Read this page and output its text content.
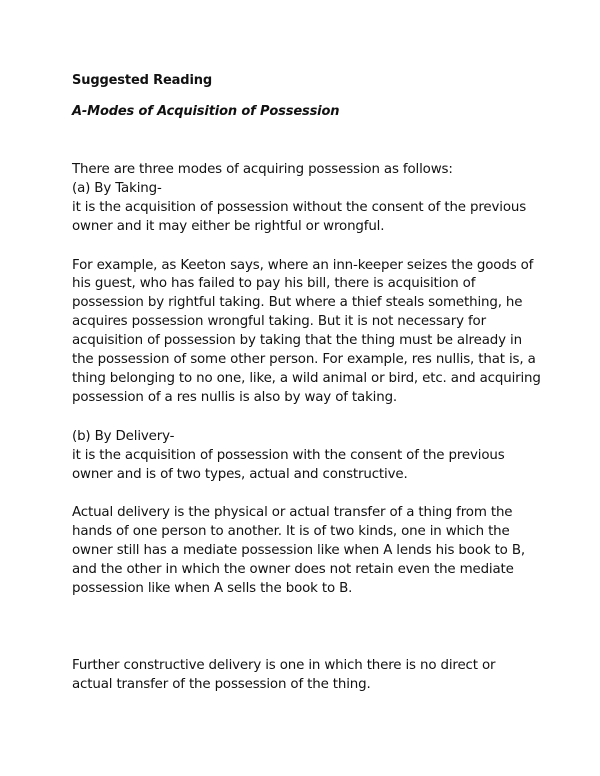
Suggested Reading
A-Modes of Acquisition of Possession
There are three modes of acquiring possession as follows:
(a) By Taking-
it is the acquisition of possession without the consent of the previous
owner and it may either be rightful or wrongful.
For example, as Keeton says, where an inn-keeper seizes the goods of
his guest, who has failed to pay his bill, there is acquisition of
possession by rightful taking. But where a thief steals something, he
acquires possession wrongful taking. But it is not necessary for
acquisition of possession by taking that the thing must be already in
the possession of some other person. For example, res nullis, that is, a
thing belonging to no one, like, a wild animal or bird, etc. and acquiring
possession of a res nullis is also by way of taking.
(b) By Delivery-
it is the acquisition of possession with the consent of the previous
owner and is of two types, actual and constructive.
Actual delivery is the physical or actual transfer of a thing from the
hands of one person to another. It is of two kinds, one in which the
owner still has a mediate possession like when A lends his book to B,
and the other in which the owner does not retain even the mediate
possession like when A sells the book to B.
Further constructive delivery is one in which there is no direct or
actual transfer of the possession of the thing.
